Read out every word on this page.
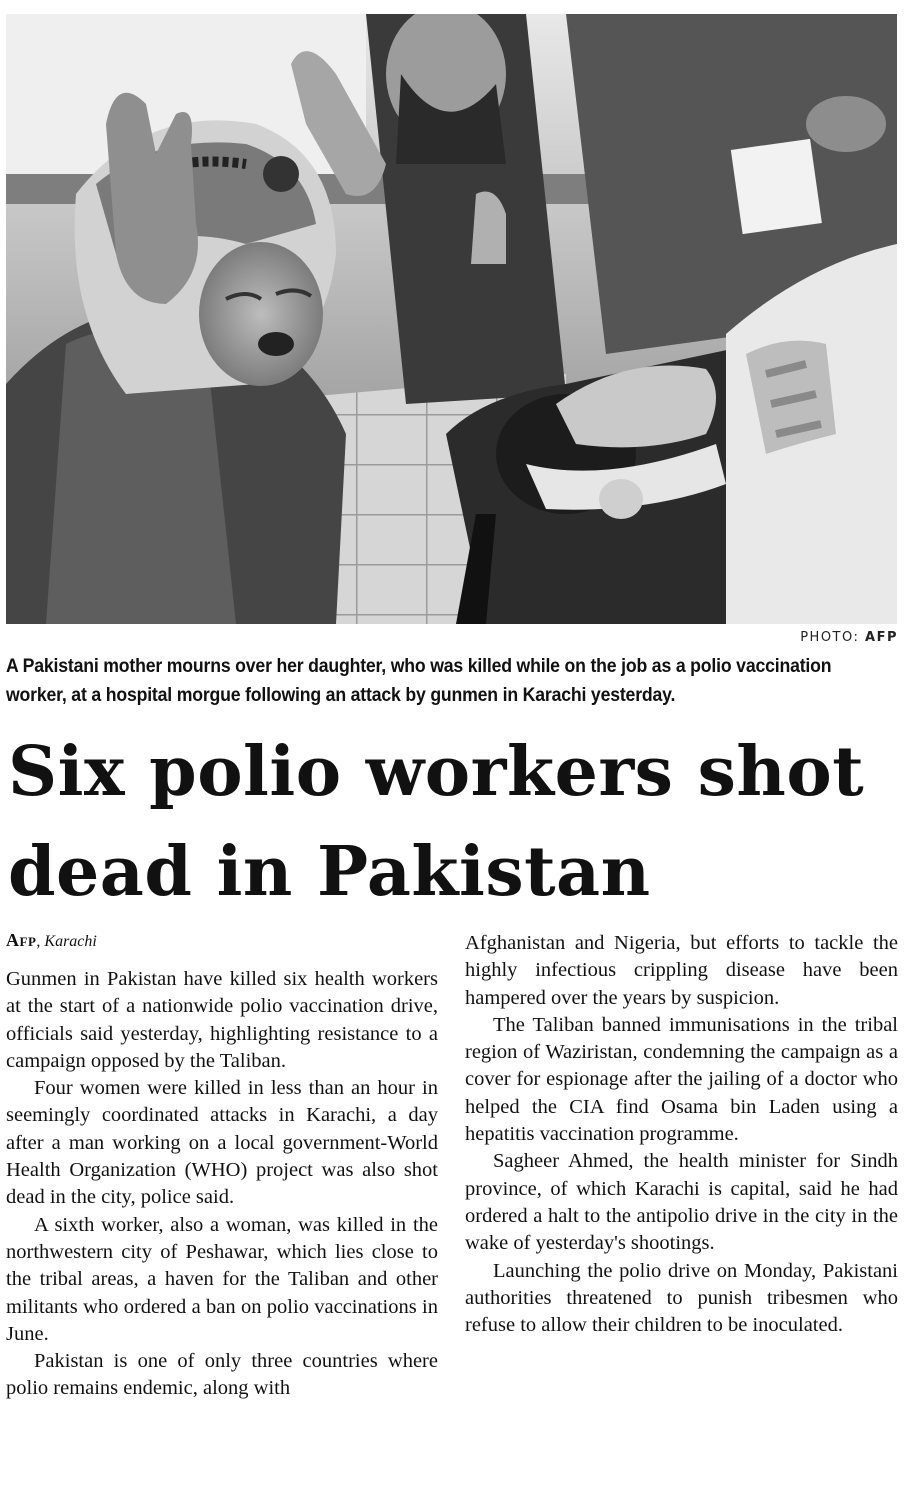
PHOTO: AFP
A Pakistani mother mourns over her daughter, who was killed while on the job as a polio vaccination worker, at a hospital morgue following an attack by gunmen in Karachi yesterday.
Six polio workers shot dead in Pakistan
Afp, Karachi

Gunmen in Pakistan have killed six health workers at the start of a nationwide polio vaccination drive, officials said yesterday, highlighting resistance to a campaign opposed by the Taliban.

Four women were killed in less than an hour in seemingly coordinated attacks in Karachi, a day after a man working on a local government-World Health Organization (WHO) project was also shot dead in the city, police said.

A sixth worker, also a woman, was killed in the northwestern city of Peshawar, which lies close to the tribal areas, a haven for the Taliban and other militants who ordered a ban on polio vaccinations in June.

Pakistan is one of only three countries where polio remains endemic, along with

Afghanistan and Nigeria, but efforts to tackle the highly infectious crippling disease have been hampered over the years by suspicion.

The Taliban banned immunisations in the tribal region of Waziristan, condemning the campaign as a cover for espionage after the jailing of a doctor who helped the CIA find Osama bin Laden using a hepatitis vaccination programme.

Sagheer Ahmed, the health minister for Sindh province, of which Karachi is capital, said he had ordered a halt to the antipolio drive in the city in the wake of yesterday's shootings.

Launching the polio drive on Monday, Pakistani authorities threatened to punish tribesmen who refuse to allow their children to be inoculated.
